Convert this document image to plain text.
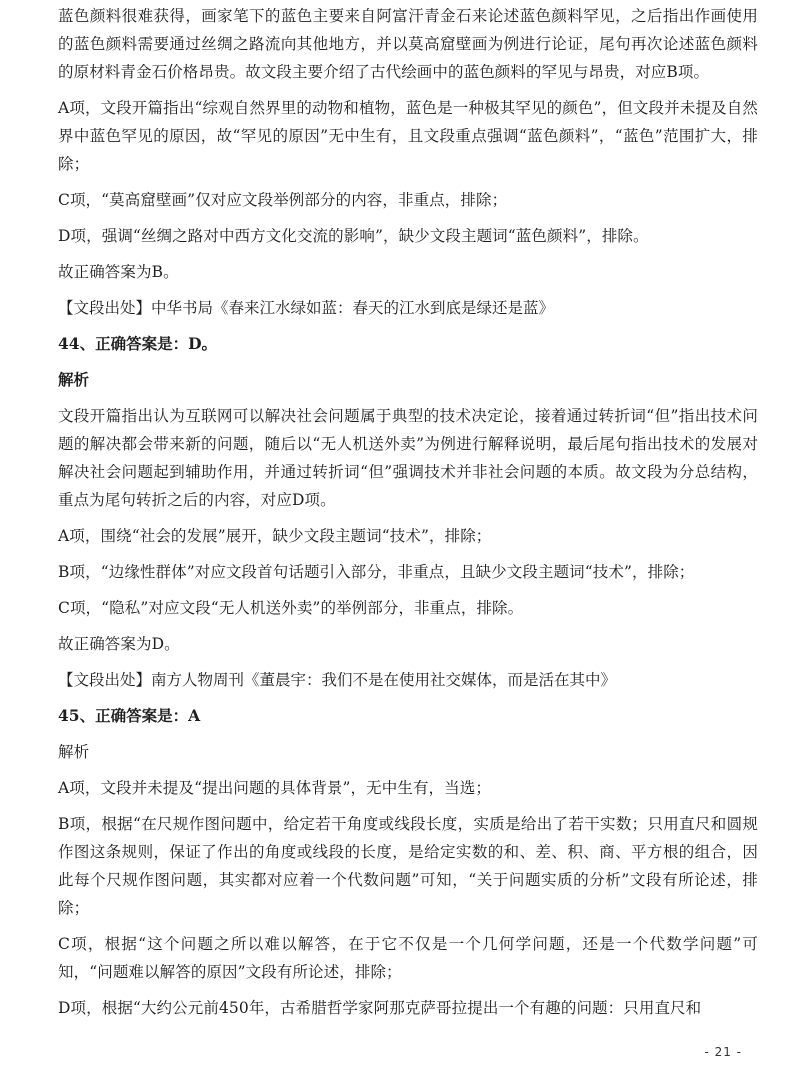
蓝色颜料很难获得，画家笔下的蓝色主要来自阿富汗青金石来论述蓝色颜料罕见，之后指出作画使用的蓝色颜料需要通过丝绸之路流向其他地方，并以莫高窟壁画为例进行论证，尾句再次论述蓝色颜料的原材料青金石价格昂贵。故文段主要介绍了古代绘画中的蓝色颜料的罕见与昂贵，对应B项。

A项，文段开篇指出“综观自然界里的动物和植物，蓝色是一种极其罕见的颜色”，但文段并未提及自然界中蓝色罕见的原因，故“罕见的原因”无中生有，且文段重点强调“蓝色颜料”，“蓝色”范围扩大，排除；

C项，“莫高窟壁画”仅对应文段举例部分的内容，非重点，排除；

D项，强调“丝绸之路对中西方文化交流的影响”，缺少文段主题词“蓝色颜料”，排除。

故正确答案为B。

【文段出处】中华书局《春来江水绿如蓝：春天的江水到底是绿还是蓝》

44、正确答案是：D。

解析

文段开篇指出认为互联网可以解决社会问题属于典型的技术决定论，接着通过转折词“但”指出技术问题的解决都会带来新的问题，随后以“无人机送外卖”为例进行解释说明，最后尾句指出技术的发展对解决社会问题起到辅助作用，并通过转折词“但”强调技术并非社会问题的本质。故文段为分总结构，重点为尾句转折之后的内容，对应D项。

A项，围绕“社会的发展”展开，缺少文段主题词“技术”，排除；

B项，“边缘性群体”对应文段首句话题引入部分，非重点，且缺少文段主题词“技术”，排除；

C项，“隐私”对应文段“无人机送外卖”的举例部分，非重点，排除。

故正确答案为D。

【文段出处】南方人物周刊《董晨宇：我们不是在使用社交媒体，而是活在其中》

45、正确答案是：A

解析

A项，文段并未提及“提出问题的具体背景”，无中生有，当选；

B项，根据“在尺规作图问题中，给定若干角度或线段长度，实质是给出了若干实数；只用直尺和圆规作图这条规则，保证了作出的角度或线段的长度，是给定实数的和、差、积、商、平方根的组合，因此每个尺规作图问题，其实都对应着一个代数问题”可知，“关于问题实质的分析”文段有所论述，排除；

C项，根据“这个问题之所以难以解答，在于它不仅是一个几何学问题，还是一个代数学问题”可知，“问题难以解答的原因”文段有所论述，排除；

D项，根据“大约公元前450年，古希腊哲学家阿那克萨哥拉提出一个有趣的问题：只用直尺和

- 21 -
